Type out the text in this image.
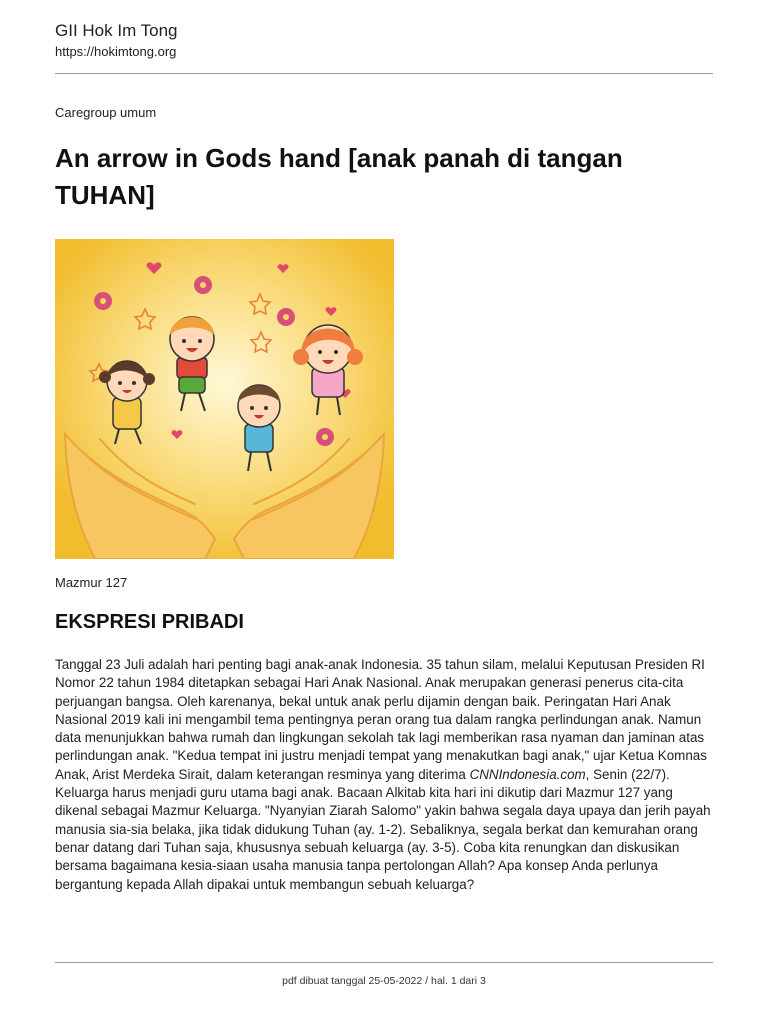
GII Hok Im Tong
https://hokimtong.org
Caregroup umum
An arrow in Gods hand [anak panah di tangan TUHAN]
Mazmur 127
EKSPRESI PRIBADI

Tanggal 23 Juli adalah hari penting bagi anak-anak Indonesia. 35 tahun silam, melalui Keputusan Presiden RI Nomor 22 tahun 1984 ditetapkan sebagai Hari Anak Nasional. Anak merupakan generasi penerus cita-cita perjuangan bangsa. Oleh karenanya, bekal untuk anak perlu dijamin dengan baik. Peringatan Hari Anak Nasional 2019 kali ini mengambil tema pentingnya peran orang tua dalam rangka perlindungan anak. Namun data menunjukkan bahwa rumah dan lingkungan sekolah tak lagi memberikan rasa nyaman dan jaminan atas perlindungan anak. "Kedua tempat ini justru menjadi tempat yang menakutkan bagi anak," ujar Ketua Komnas Anak, Arist Merdeka Sirait, dalam keterangan resminya yang diterima CNNIndonesia.com, Senin (22/7). Keluarga harus menjadi guru utama bagi anak. Bacaan Alkitab kita hari ini dikutip dari Mazmur 127 yang dikenal sebagai Mazmur Keluarga. "Nyanyian Ziarah Salomo" yakin bahwa segala daya upaya dan jerih payah manusia sia-sia belaka, jika tidak didukung Tuhan (ay. 1-2). Sebaliknya, segala berkat dan kemurahan orang benar datang dari Tuhan saja, khususnya sebuah keluarga (ay. 3-5). Coba kita renungkan dan diskusikan bersama bagaimana kesia-siaan usaha manusia tanpa pertolongan Allah? Apa konsep Anda perlunya bergantung kepada Allah dipakai untuk membangun sebuah keluarga?

pdf dibuat tanggal 25-05-2022 / hal. 1 dari 3
